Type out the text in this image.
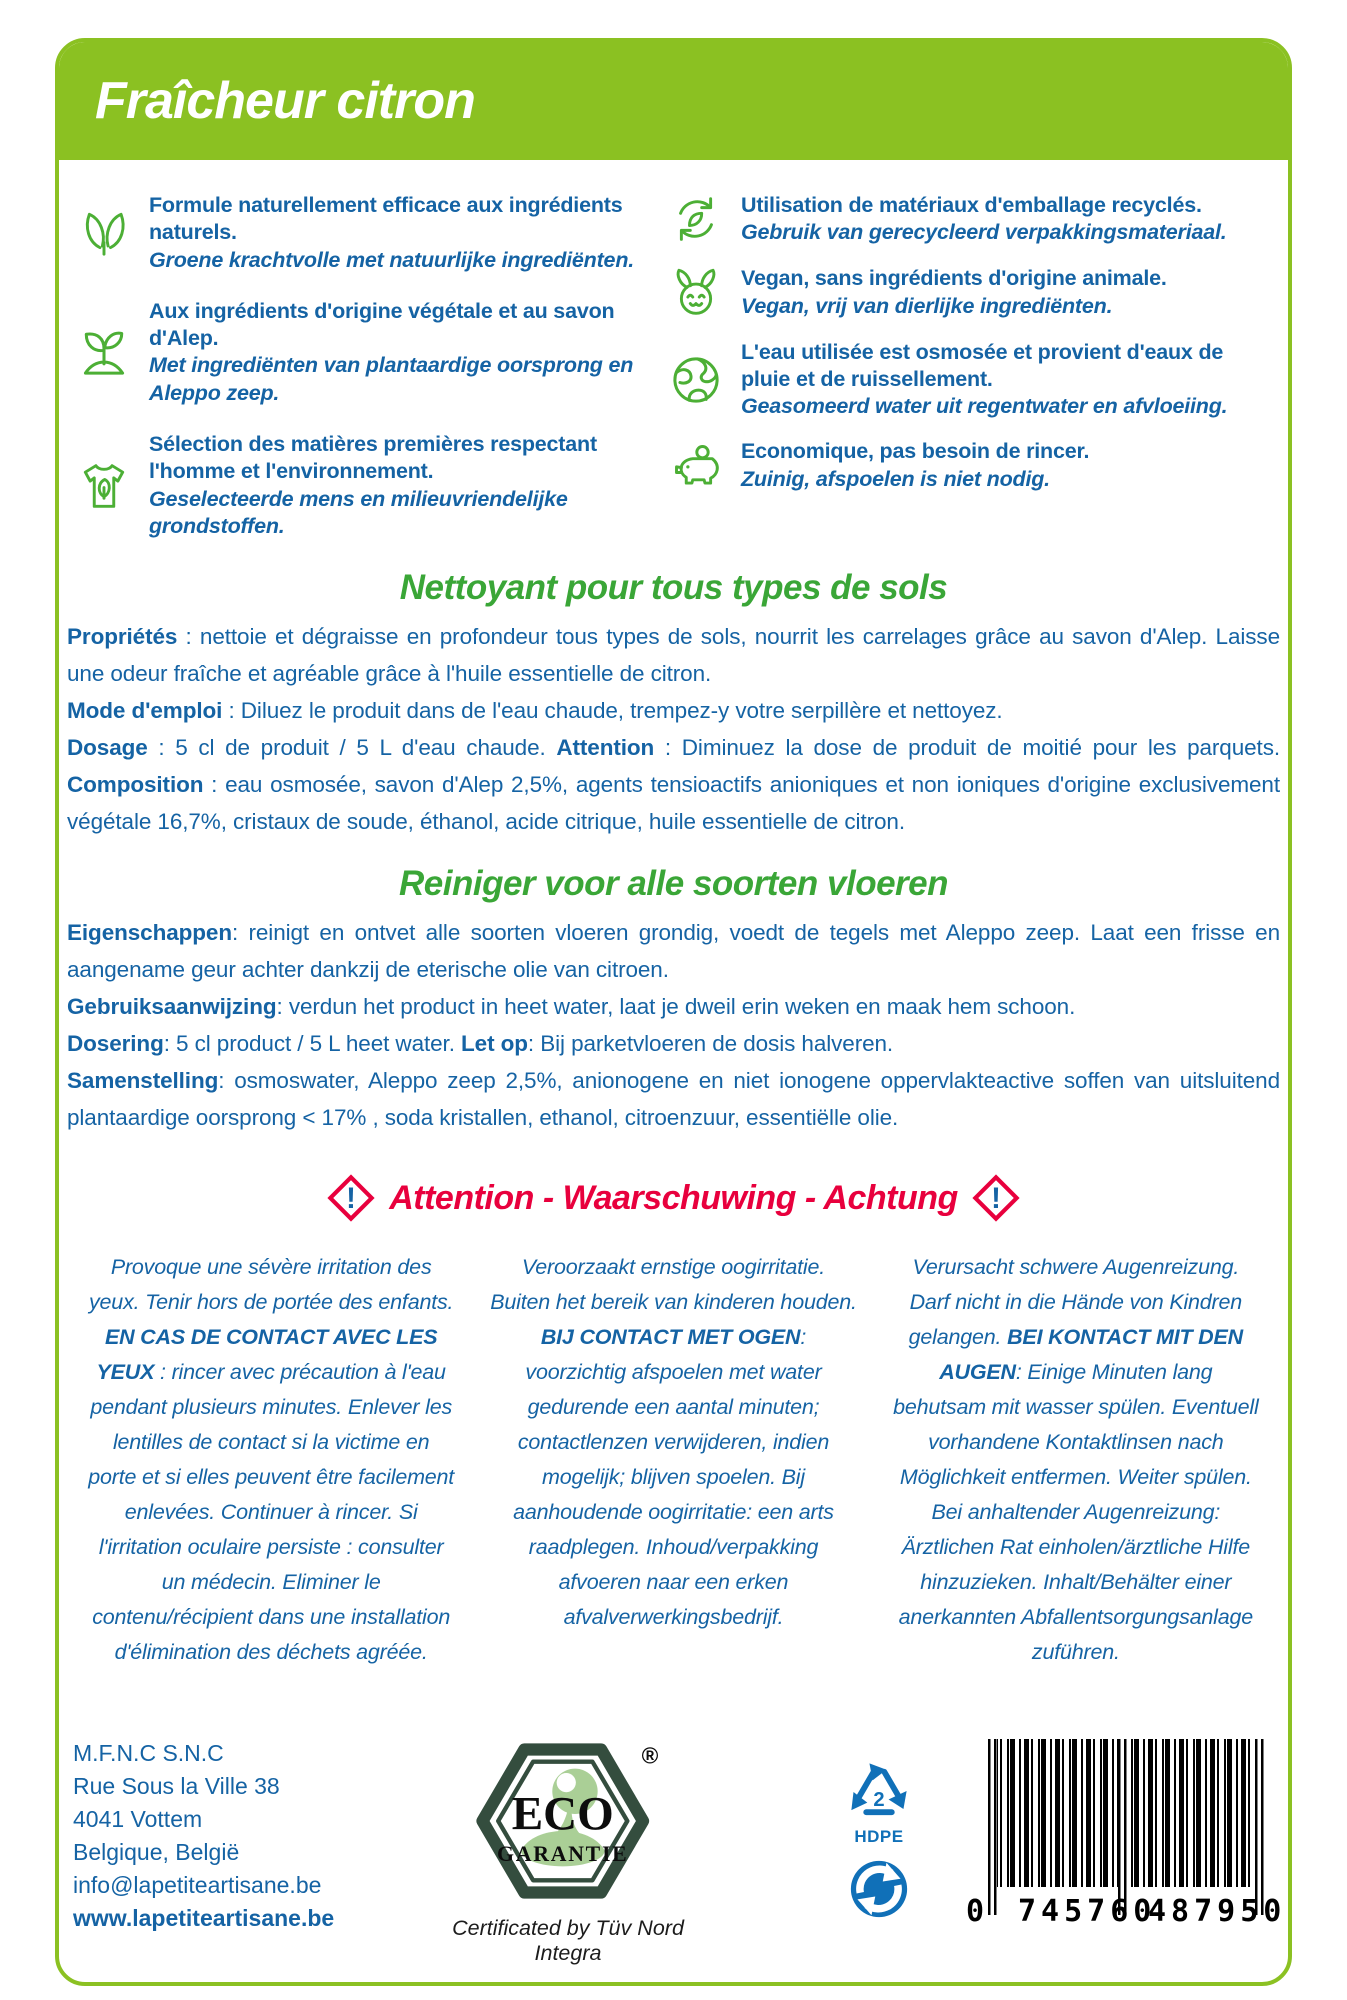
Fraîcheur citron
Formule naturellement efficace aux ingrédients naturels.
Groene krachtvolle met natuurlijke ingrediënten.
Aux ingrédients d'origine végétale et au savon d'Alep.
Met ingrediënten van plantaardige oorsprong en Aleppo zeep.
Sélection des matières premières respectant l'homme et l'environnement.
Geselecteerde mens en milieuvriendelijke grondstoffen.
Utilisation de matériaux d'emballage recyclés.
Gebruik van gerecycleerd verpakkingsmateriaal.
Vegan, sans ingrédients d'origine animale.
Vegan, vrij van dierlijke ingrediënten.
L'eau utilisée est osmosée et provient d'eaux de pluie et de ruissellement.
Geasomeerd water uit regentwater en afvloeiing.
Economique, pas besoin de rincer.
Zuinig, afspoelen is niet nodig.
Nettoyant pour tous types de sols

Propriétés : nettoie et dégraisse en profondeur tous types de sols, nourrit les carrelages grâce au savon d'Alep. Laisse une odeur fraîche et agréable grâce à l'huile essentielle de citron.

Mode d'emploi : Diluez le produit dans de l'eau chaude, trempez-y votre serpillère et nettoyez.

Dosage : 5 cl de produit / 5 L d'eau chaude. Attention : Diminuez la dose de produit de moitié pour les parquets. Composition : eau osmosée, savon d'Alep 2,5%, agents tensioactifs anioniques et non ioniques d'origine exclusivement végétale 16,7%, cristaux de soude, éthanol, acide citrique, huile essentielle de citron.

Reiniger voor alle soorten vloeren

Eigenschappen: reinigt en ontvet alle soorten vloeren grondig, voedt de tegels met Aleppo zeep. Laat een frisse en aangename geur achter dankzij de eterische olie van citroen.

Gebruiksaanwijzing: verdun het product in heet water, laat je dweil erin weken en maak hem schoon.

Dosering: 5 cl product / 5 L heet water. Let op: Bij parketvloeren de dosis halveren.

Samenstelling: osmoswater, Aleppo zeep 2,5%, anionogene en niet ionogene oppervlakteactive soffen van uitsluitend plantaardige oorsprong < 17% , soda kristallen, ethanol, citroenzuur, essentiëlle olie.

! Attention - Waarschuwing - Achtung !
Provoque une sévère irritation des yeux. Tenir hors de portée des enfants. EN CAS DE CONTACT AVEC LES YEUX : rincer avec précaution à l'eau pendant plusieurs minutes. Enlever les lentilles de contact si la victime en porte et si elles peuvent être facilement enlevées. Continuer à rincer. Si l'irritation oculaire persiste : consulter un médecin. Eliminer le contenu/récipient dans une installation d'élimination des déchets agréée.
Veroorzaakt ernstige oogirritatie. Buiten het bereik van kinderen houden. BIJ CONTACT MET OGEN: voorzichtig afspoelen met water gedurende een aantal minuten; contactlenzen verwijderen, indien mogelijk; blijven spoelen. Bij aanhoudende oogirritatie: een arts raadplegen. Inhoud/verpakking afvoeren naar een erken afvalverwerkingsbedrijf.
Verursacht schwere Augenreizung. Darf nicht in die Hände von Kindren gelangen. BEI KONTACT MIT DEN AUGEN: Einige Minuten lang behutsam mit wasser spülen. Eventuell vorhandene Kontaktlinsen nach Möglichkeit entfermen. Weiter spülen. Bei anhaltender Augenreizung: Ärztlichen Rat einholen/ärztliche Hilfe hinzuzieken. Inhalt/Behälter einer anerkannten Abfallentsorgungsanlage zuführen.
M.F.N.C S.N.C
Rue Sous la Ville 38
4041 Vottem
Belgique, België
info@lapetiteartisane.be
www.lapetiteartisane.be
ECO
GARANTIE
®
Certificated by Tüv Nord Integra
2
HDPE
0 745760
487950
